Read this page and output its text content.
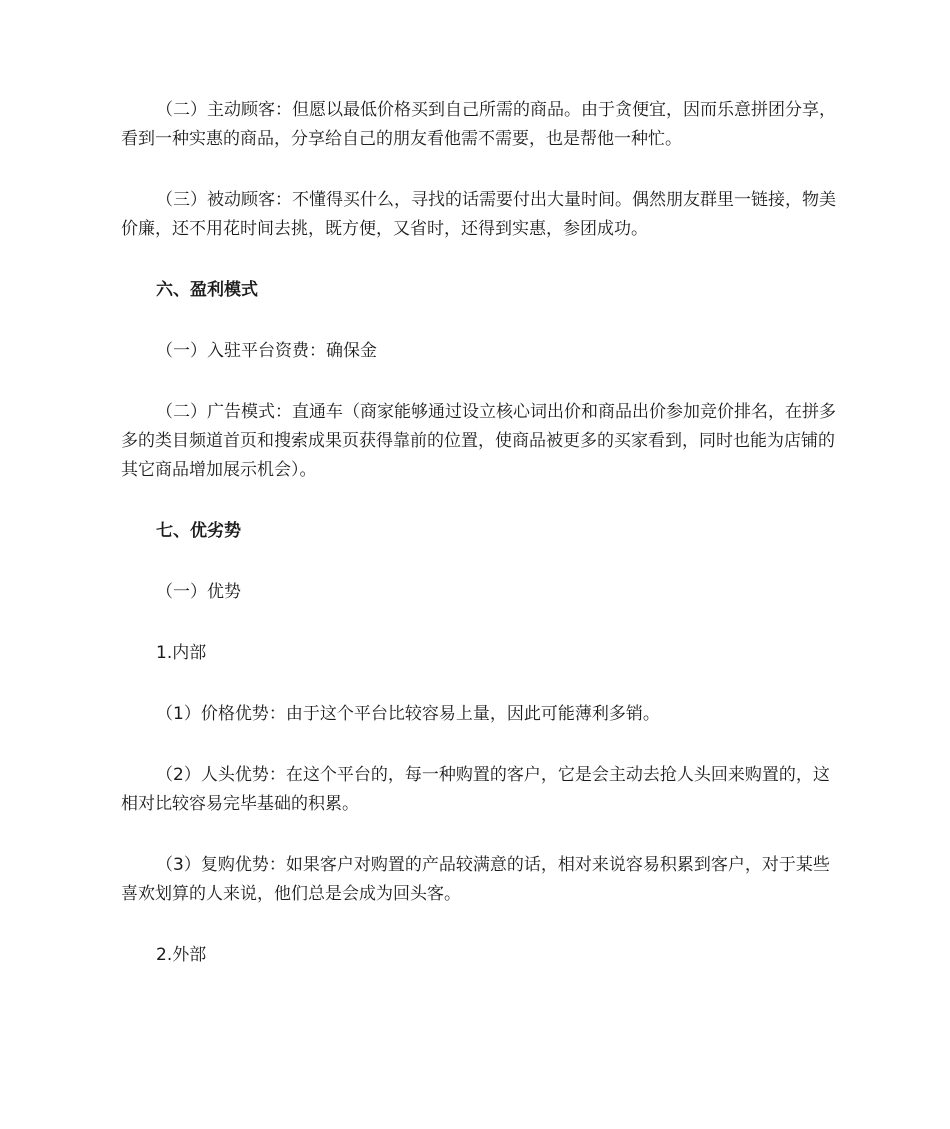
（二）主动顾客：但愿以最低价格买到自己所需的商品。由于贪便宜，因而乐意拼团分享，看到一种实惠的商品，分享给自己的朋友看他需不需要，也是帮他一种忙。

（三）被动顾客：不懂得买什么，寻找的话需要付出大量时间。偶然朋友群里一链接，物美价廉，还不用花时间去挑，既方便，又省时，还得到实惠，参团成功。

六、盈利模式

（一）入驻平台资费：确保金

（二）广告模式：直通车（商家能够通过设立核心词出价和商品出价参加竞价排名，在拼多多的类目频道首页和搜索成果页获得靠前的位置，使商品被更多的买家看到，同时也能为店铺的其它商品增加展示机会）。

七、优劣势

（一）优势

1.内部

（1）价格优势：由于这个平台比较容易上量，因此可能薄利多销。

（2）人头优势：在这个平台的，每一种购置的客户，它是会主动去抢人头回来购置的，这相对比较容易完毕基础的积累。

（3）复购优势：如果客户对购置的产品较满意的话，相对来说容易积累到客户，对于某些喜欢划算的人来说，他们总是会成为回头客。

2.外部
